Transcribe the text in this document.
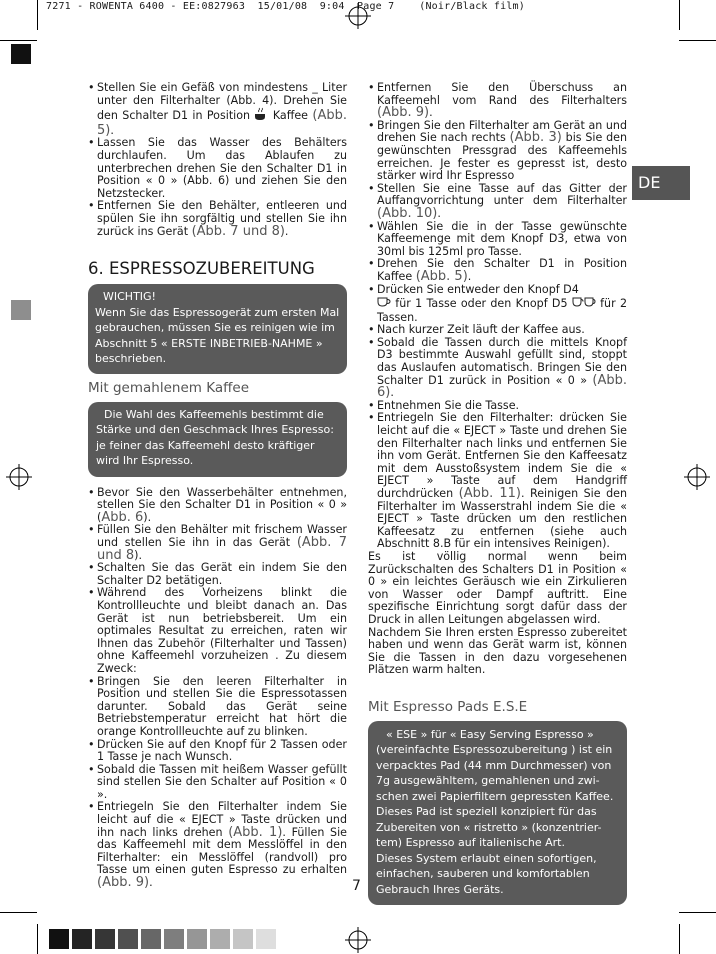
7271 - ROWENTA 6400 - EE:0827963  15/01/08  9:04  Page 7    (Noir/Black film)
DE
• Stellen Sie ein Gefäß von mindestens _ Liter unter den Filterhalter (Abb. 4). Drehen Sie den Schalter D1 in Position  Kaffee (Abb. 5).
• Lassen Sie das Wasser des Behälters durchlaufen. Um das Ablaufen zu unterbrechen drehen Sie den Schalter D1 in Position « 0 » (Abb. 6) und ziehen Sie den Netzstecker.
• Entfernen Sie den Behälter, entleeren und spülen Sie ihn sorgfältig und stellen Sie ihn zurück ins Gerät (Abb. 7 und 8).
6. ESPRESSOZUBEREITUNG

WICHTIG!

Wenn Sie das Espressogerät zum ersten Mal gebrauchen, müssen Sie es reinigen wie im Abschnitt 5 « ERSTE INBETRIEB-NAHME » beschrieben.

Mit gemahlenem Kaffee

Die Wahl des Kaffeemehls bestimmt die Stärke und den Geschmack Ihres Espresso: je feiner das Kaffeemehl desto kräftiger wird Ihr Espresso.

• Bevor Sie den Wasserbehälter entnehmen, stellen Sie den Schalter D1 in Position « 0 » (Abb. 6).
• Füllen Sie den Behälter mit frischem Wasser und stellen Sie ihn in das Gerät (Abb. 7 und 8).
• Schalten Sie das Gerät ein indem Sie den Schalter D2 betätigen.
• Während des Vorheizens blinkt die Kontrollleuchte und bleibt danach an. Das Gerät ist nun betriebsbereit. Um ein optimales Resultat zu erreichen, raten wir Ihnen das Zubehör (Filterhalter und Tassen) ohne Kaffeemehl vorzuheizen . Zu diesem Zweck:
• Bringen Sie den leeren Filterhalter in Position und stellen Sie die Espressotassen darunter. Sobald das Gerät seine Betriebstemperatur erreicht hat hört die orange Kontrollleuchte auf zu blinken.
• Drücken Sie auf den Knopf für 2 Tassen oder 1 Tasse je nach Wunsch.
• Sobald die Tassen mit heißem Wasser gefüllt sind stellen Sie den Schalter auf Position « 0 ».
• Entriegeln Sie den Filterhalter indem Sie leicht auf die « EJECT » Taste drücken und ihn nach links drehen (Abb. 1). Füllen Sie das Kaffeemehl mit dem Messlöffel in den Filterhalter: ein Messlöffel (randvoll) pro Tasse um einen guten Espresso zu erhalten (Abb. 9).
• Entfernen Sie den Überschuss an Kaffeemehl vom Rand des Filterhalters (Abb. 9).
• Bringen Sie den Filterhalter am Gerät an und drehen Sie nach rechts (Abb. 3) bis Sie den gewünschten Pressgrad des Kaffeemehls erreichen. Je fester es gepresst ist, desto stärker wird Ihr Espresso
• Stellen Sie eine Tasse auf das Gitter der Auffangvorrichtung unter dem Filterhalter (Abb. 10).
• Wählen Sie die in der Tasse gewünschte Kaffeemenge mit dem Knopf D3, etwa von 30ml bis 125ml pro Tasse.
• Drehen Sie den Schalter D1 in Position Kaffee (Abb. 5).
• Drücken Sie entweder den Knopf D4
für 1 Tasse oder den Knopf D5  für 2 Tassen.
• Nach kurzer Zeit läuft der Kaffee aus.
• Sobald die Tassen durch die mittels Knopf D3 bestimmte Auswahl gefüllt sind, stoppt das Auslaufen automatisch. Bringen Sie den Schalter D1 zurück in Position « 0 » (Abb. 6).
• Entnehmen Sie die Tasse.
• Entriegeln Sie den Filterhalter: drücken Sie leicht auf die « EJECT » Taste und drehen Sie den Filterhalter nach links und entfernen Sie ihn vom Gerät. Entfernen Sie den Kaffeesatz mit dem Ausstoßsystem indem Sie die « EJECT » Taste auf dem Handgriff durchdrücken (Abb. 11). Reinigen Sie den Filterhalter im Wasserstrahl indem Sie die « EJECT » Taste drücken um den restlichen Kaffeesatz zu entfernen (siehe auch Abschnitt 8.B für ein intensives Reinigen).

Es ist völlig normal wenn beim Zurückschalten des Schalters D1 in Position « 0 » ein leichtes Geräusch wie ein Zirkulieren von Wasser oder Dampf auftritt. Eine spezifische Einrichtung sorgt dafür dass der Druck in allen Leitungen abgelassen wird.

Nachdem Sie Ihren ersten Espresso zubereitet haben und wenn das Gerät warm ist, können Sie die Tassen in den dazu vorgesehenen Plätzen warm halten.

Mit Espresso Pads E.S.E

« ESE » für « Easy Serving Espresso » (vereinfachte Espressozubereitung ) ist ein verpacktes Pad (44 mm Durchmesser) von 7g ausgewähltem, gemahlenen und zwi-schen zwei Papierfiltern gepressten Kaffee. Dieses Pad ist speziell konzipiert für das Zubereiten von « ristretto » (konzentrier-tem) Espresso auf italienische Art.

Dieses System erlaubt einen sofortigen, einfachen, sauberen und komfortablen Gebrauch Ihres Geräts.

7
